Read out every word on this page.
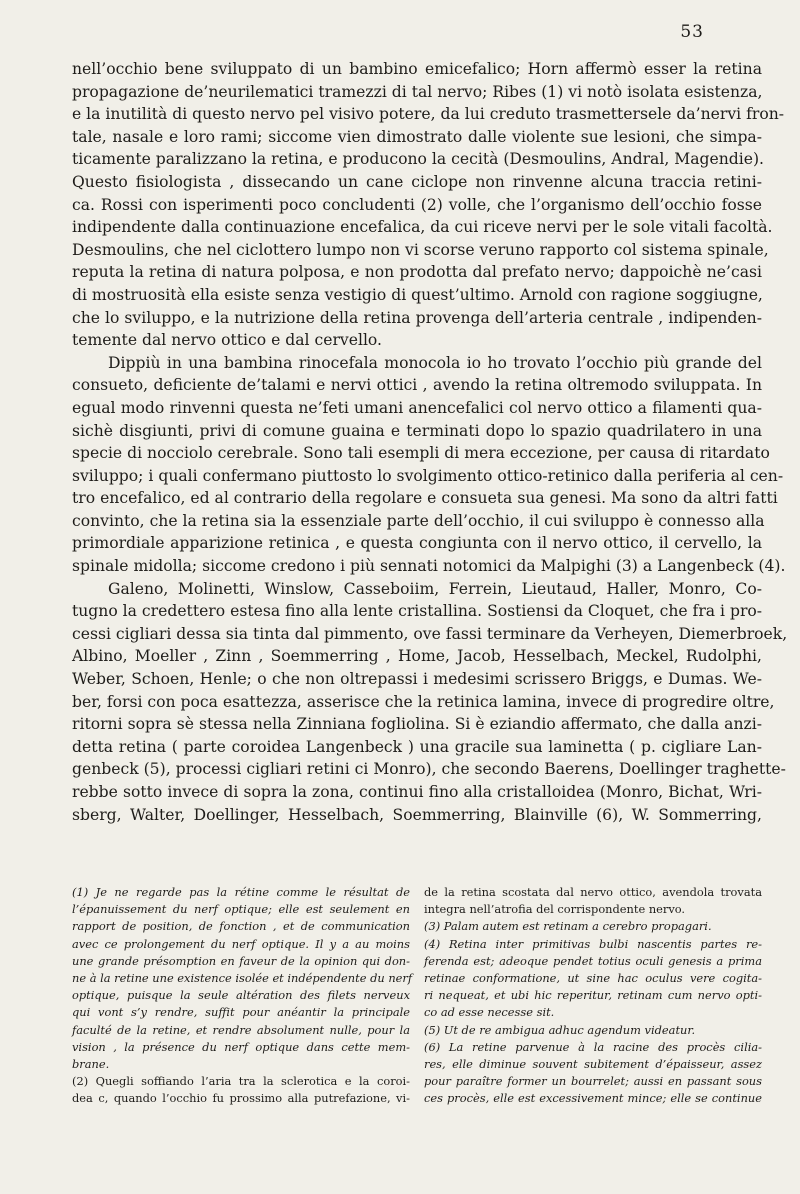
53

nell’occhio bene sviluppato di un bambino emicefalico; Horn affermò esser la retina
propagazione de’neurilematici tramezzi di tal nervo; Ribes (1) vi notò isolata esistenza,
e la inutilità di questo nervo pel visivo potere, da lui creduto trasmettersele da’nervi fron-
tale, nasale e loro rami; siccome vien dimostrato dalle violente sue lesioni, che simpa-
ticamente paralizzano la retina, e producono la cecità (Desmoulins, Andral, Magendie).
Questo fisiologista , dissecando un cane ciclope non rinvenne alcuna traccia retini-
ca. Rossi con isperimenti poco concludenti (2) volle, che l’organismo dell’occhio fosse
indipendente dalla continuazione encefalica, da cui riceve nervi per le sole vitali facoltà.
Desmoulins, che nel ciclottero lumpo non vi scorse veruno rapporto col sistema spinale,
reputa la retina di natura polposa, e non prodotta dal prefato nervo; dappoichè ne’casi
di mostruosità ella esiste senza vestigio di quest’ultimo. Arnold con ragione soggiugne,
che lo sviluppo, e la nutrizione della retina provenga dell’arteria centrale , indipenden-
temente dal nervo ottico e dal cervello.

Dippiù in una bambina rinocefala monocola io ho trovato l’occhio più grande del
consueto, deficiente de’talami e nervi ottici , avendo la retina oltremodo sviluppata. In
egual modo rinvenni questa ne’feti umani anencefalici col nervo ottico a filamenti qua-
sichè disgiunti, privi di comune guaina e terminati dopo lo spazio quadrilatero in una
specie di nocciolo cerebrale. Sono tali esempli di mera eccezione, per causa di ritardato
sviluppo; i quali confermano piuttosto lo svolgimento ottico-retinico dalla periferia al cen-
tro encefalico, ed al contrario della regolare e consueta sua genesi. Ma sono da altri fatti
convinto, che la retina sia la essenziale parte dell’occhio, il cui sviluppo è connesso alla
primordiale apparizione retinica , e questa congiunta con il nervo ottico, il cervello, la
spinale midolla; siccome credono i più sennati notomici da Malpighi (3) a Langenbeck (4).

Galeno, Molinetti, Winslow, Casseboiim, Ferrein, Lieutaud, Haller, Monro, Co-
tugno la credettero estesa fino alla lente cristallina. Sostiensi da Cloquet, che fra i pro-
cessi cigliari dessa sia tinta dal pimmento, ove fassi terminare da Verheyen, Diemerbroek,
Albino, Moeller , Zinn , Soemmerring , Home, Jacob, Hesselbach, Meckel, Rudolphi,
Weber, Schoen, Henle; o che non oltrepassi i medesimi scrissero Briggs, e Dumas. We-
ber, forsi con poca esattezza, asserisce che la retinica lamina, invece di progredire oltre,
ritorni sopra sè stessa nella Zinniana fogliolina. Si è eziandio affermato, che dalla anzi-
detta retina ( parte coroidea Langenbeck ) una gracile sua laminetta ( p. cigliare Lan-
genbeck (5), processi cigliari retini ci Monro), che secondo Baerens, Doellinger traghette-
rebbe sotto invece di sopra la zona, continui fino alla cristalloidea (Monro, Bichat, Wri-
sberg, Walter, Doellinger, Hesselbach, Soemmerring, Blainville (6), W. Sommerring,

(1) Je ne regarde pas la rétine comme le résultat de
l’épanuissement du nerf optique; elle est seulement en
rapport de position, de fonction , et de communication
avec ce prolongement du nerf optique. Il y a au moins
une grande présomption en faveur de la opinion qui don-
ne à la retine une existence isolée et indépendente du nerf
optique, puisque la seule altération des filets nerveux
qui vont s’y rendre, suffit pour anéantir la principale
faculté de la retine, et rendre absolument nulle, pour la
vision , la présence du nerf optique dans cette mem-
brane.
(2) Quegli soffiando l’aria tra la sclerotica e la coroi-
dea c, quando l’occhio fu prossimo alla putrefazione, vi-

de la retina scostata dal nervo ottico, avendola trovata
integra nell’atrofia del corrispondente nervo.
(3) Palam autem est retinam a cerebro propagari.
(4) Retina inter primitivas bulbi nascentis partes re-
ferenda est; adeoque pendet totius oculi genesis a prima
retinae conformatione, ut sine hac oculus vere cogita-
ri nequeat, et ubi hic reperitur, retinam cum nervo opti-
co ad esse necesse sit.
(5) Ut de re ambigua adhuc agendum videatur.
(6) La retine parvenue à la racine des procès cilia-
res, elle diminue souvent subitement d’épaisseur, assez
pour paraître former un bourrelet; aussi en passant sous
ces procès, elle est excessivement mince; elle se continue
